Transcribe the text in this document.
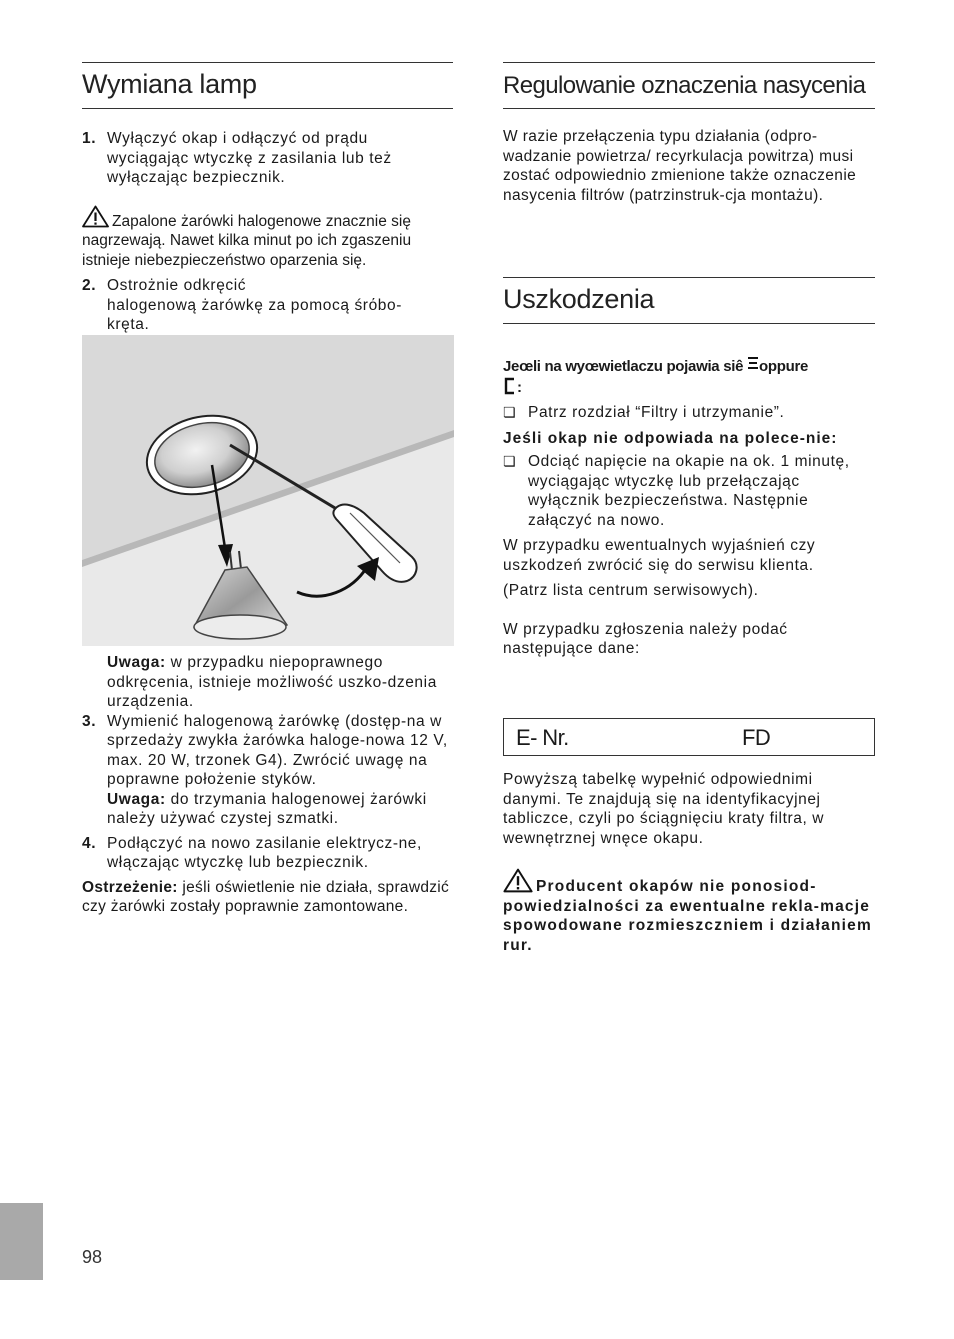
Wymiana lamp
1. Wyłączyć okap i odłączyć od prądu wyciągając wtyczkę z zasilania lub też wyłączając bezpiecznik.

Zapalone żarówki halogenowe znacznie się nagrzewają. Nawet kilka minut po ich zgaszeniu istnieje niebezpieczeństwo oparzenia się.

2. Ostrożnie odkręcić
halogenową żarówkę za pomocą śrόbo-
kręta.

Uwaga: w przypadku niepoprawnego odkręcenia, istnieje możliwość uszko-dzenia urządzenia.

3. Wymienić halogenową żarówkę (dostęp-na w sprzedaży zwykła żarówka haloge-nowa 12 V, max. 20 W, trzonek G4). Zwrócić uwagę na poprawne położenie styków.
Uwaga: do trzymania halogenowej żarówki należy używać czystej szmatki.
4. Podłączyć na nowo zasilanie elektrycz-ne, włączając wtyczkę lub bezpiecznik.

Ostrzeżenie: jeśli oświetlenie nie działa, sprawdzić czy żarówki zostały poprawnie zamontowane.

Regulowanie oznaczenia nasycenia

W razie przełączenia typu działania (odpro-wadzanie powietrza/ recyrkulacja powitrza) musi zostać odpowiednio zmienione także oznaczenie nasycenia filtrów (patrzinstruk-cja montażu).

Uszkodzenia

Jeœli na wyœwietlaczu pojawia siê oppure
:

❏ Patrz rozdział “Filtry i utrzymanie”.

Jeśli okap nie odpowiada na polece-nie:

❏ Odciąć napięcie na okapie na ok. 1 minutę, wyciągając wtyczkę lub przełączając wyłącznik bezpieczeństwa. Następnie załączyć na nowo.

W przypadku ewentualnych wyjaśnień czy uszkodzeń zwrócić się do serwisu klienta.

(Patrz lista centrum serwisowych).

W przypadku zgłoszenia należy podać następujące dane:

E- Nr.	FD

Powyższą tabelkę wypełnić odpowiednimi danymi. Te znajdują się na identyfikacyjnej tabliczce, czyli po ściągnięciu kraty filtra, w wewnętrznej wnęce okapu.

Producent okapów nie ponosiod-powiedzialności za ewentualne rekla-macje spowodowane rozmieszczniem i działaniem rur.

98
